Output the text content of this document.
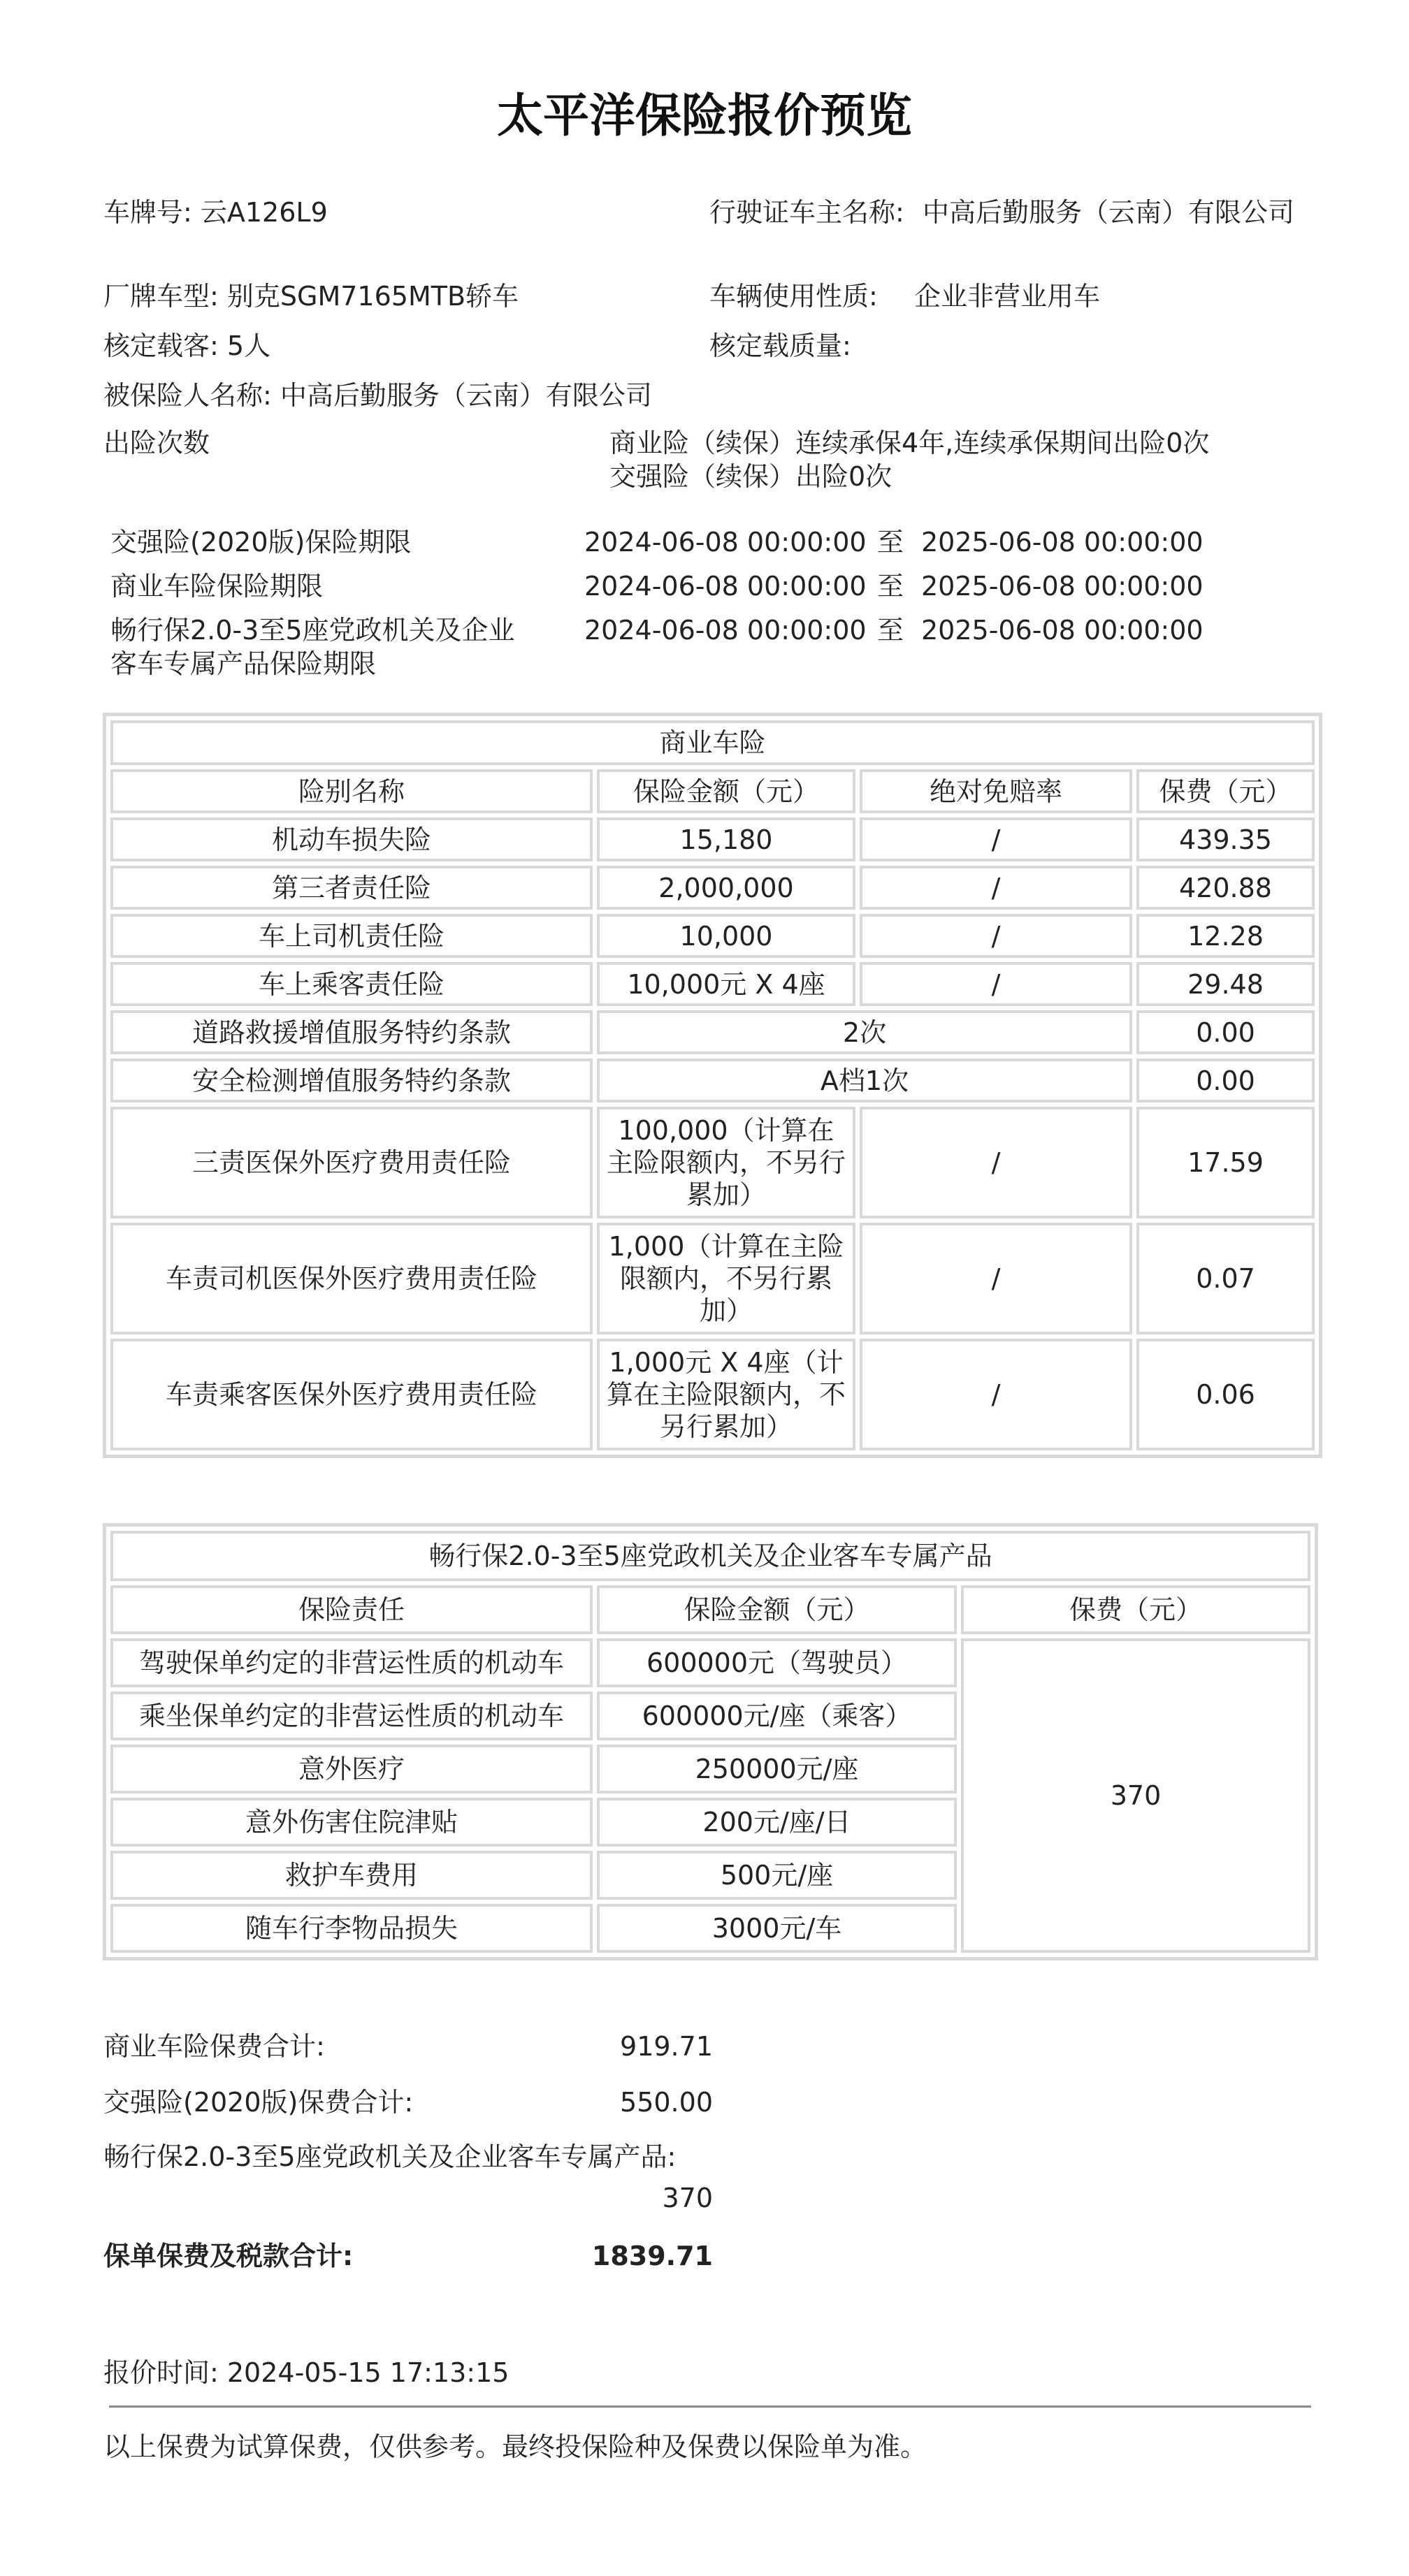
太平洋保险报价预览
车牌号: 云A126L9	行驶证车主名称: 中高后勤服务（云南）有限公司
厂牌车型: 别克SGM7165MTB轿车	车辆使用性质: 企业非营业用车
核定载客: 5人	核定载质量:
被保险人名称: 中高后勤服务（云南）有限公司
出险次数	商业险（续保）连续承保4年,连续承保期间出险0次
交强险（续保）出险0次
交强险(2020版)保险期限	2024-06-08 00:00:00 至 2025-06-08 00:00:00
商业车险保险期限	2024-06-08 00:00:00 至 2025-06-08 00:00:00
畅行保2.0-3至5座党政机关及企业客车专属产品保险期限
2024-06-08 00:00:00 至 2025-06-08 00:00:00
商业车险			
险别名称	保险金额（元）	绝对免赔率	保费（元）
机动车损失险	15,180	/	439.35
第三者责任险	2,000,000	/	420.88
车上司机责任险	10,000	/	12.28
车上乘客责任险	10,000元 X 4座	/	29.48
道路救援增值服务特约条款	2次		0.00
安全检测增值服务特约条款	A档1次		0.00
三责医保外医疗费用责任险	100,000（计算在主险限额内，不另行累加）	/	17.59
车责司机医保外医疗费用责任险	1,000（计算在主险限额内，不另行累加）	/	0.07
车责乘客医保外医疗费用责任险	1,000元 X 4座（计算在主险限额内，不另行累加）	/	0.06
畅行保2.0-3至5座党政机关及企业客车专属产品		
保险责任	保险金额（元）	保费（元）
驾驶保单约定的非营运性质的机动车	600000元（驾驶员）	370
乘坐保单约定的非营运性质的机动车	600000元/座（乘客）	
意外医疗	250000元/座	
意外伤害住院津贴	200元/座/日	
救护车费用	500元/座	
随车行李物品损失	3000元/车	
商业车险保费合计:	919.71
交强险(2020版)保费合计:	550.00
畅行保2.0-3至5座党政机关及企业客车专属产品:
370
保单保费及税款合计:	1839.71
报价时间: 2024-05-15 17:13:15
以上保费为试算保费，仅供参考。最终投保险种及保费以保险单为准。
